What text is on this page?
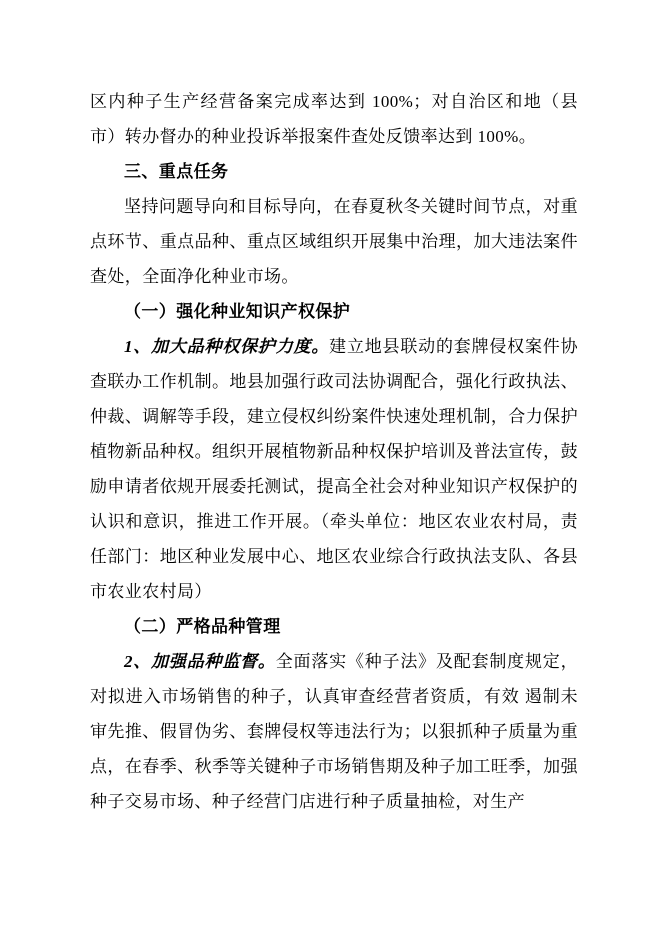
区内种子生产经营备案完成率达到 100%；对自治区和地（县市）转办督办的种业投诉举报案件查处反馈率达到 100%。

三、重点任务

坚持问题导向和目标导向，在春夏秋冬关键时间节点，对重点环节、重点品种、重点区域组织开展集中治理，加大违法案件查处，全面净化种业市场。

（一）强化种业知识产权保护

1、加大品种权保护力度。建立地县联动的套牌侵权案件协查联办工作机制。地县加强行政司法协调配合，强化行政执法、仲裁、调解等手段，建立侵权纠纷案件快速处理机制，合力保护植物新品种权。组织开展植物新品种权保护培训及普法宣传，鼓励申请者依规开展委托测试，提高全社会对种业知识产权保护的认识和意识，推进工作开展。（牵头单位：地区农业农村局，责任部门：地区种业发展中心、地区农业综合行政执法支队、各县市农业农村局）

（二）严格品种管理

2、加强品种监督。全面落实《种子法》及配套制度规定，对拟进入市场销售的种子，认真审查经营者资质，有效 遏制未审先推、假冒伪劣、套牌侵权等违法行为；以狠抓种子质量为重点，在春季、秋季等关键种子市场销售期及种子加工旺季，加强种子交易市场、种子经营门店进行种子质量抽检，对生产
